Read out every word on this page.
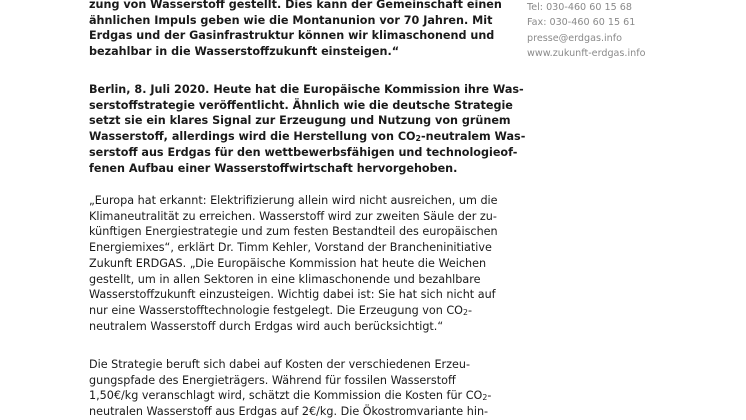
zung von Wasserstoff gestellt. Dies kann der Gemeinschaft einen
ähnlichen Impuls geben wie die Montanunion vor 70 Jahren. Mit
Erdgas und der Gasinfrastruktur können wir klimaschonend und
bezahlbar in die Wasserstoffzukunft einsteigen.“
Tel: 030-460 60 15 68
Fax: 030-460 60 15 61
presse@erdgas.info
www.zukunft-erdgas.info
Berlin, 8. Juli 2020. Heute hat die Europäische Kommission ihre Was-
serstoffstrategie veröffentlicht. Ähnlich wie die deutsche Strategie
setzt sie ein klares Signal zur Erzeugung und Nutzung von grünem
Wasserstoff, allerdings wird die Herstellung von $CO_2$-neutralem Was-
serstoff aus Erdgas für den wettbewerbsfähigen und technologieof-
fenen Aufbau einer Wasserstoffwirtschaft hervorgehoben.
„Europa hat erkannt: Elektrifizierung allein wird nicht ausreichen, um die
Klimaneutralität zu erreichen. Wasserstoff wird zur zweiten Säule der zu-
künftigen Energiestrategie und zum festen Bestandteil des europäischen
Energiemixes“, erklärt Dr. Timm Kehler, Vorstand der Brancheninitiative
Zukunft ERDGAS. „Die Europäische Kommission hat heute die Weichen
gestellt, um in allen Sektoren in eine klimaschonende und bezahlbare
Wasserstoffzukunft einzusteigen. Wichtig dabei ist: Sie hat sich nicht auf
nur eine Wasserstofftechnologie festgelegt. Die Erzeugung von $CO_2-$
neutralem Wasserstoff durch Erdgas wird auch berücksichtigt.“
Die Strategie beruft sich dabei auf Kosten der verschiedenen Erzeu-
gungspfade des Energieträgers. Während für fossilen Wasserstoff
1,50€/kg veranschlagt wird, schätzt die Kommission die Kosten für $CO_2-$
neutralen Wasserstoff aus Erdgas auf 2€/kg. Die Ökostromvariante hin-
